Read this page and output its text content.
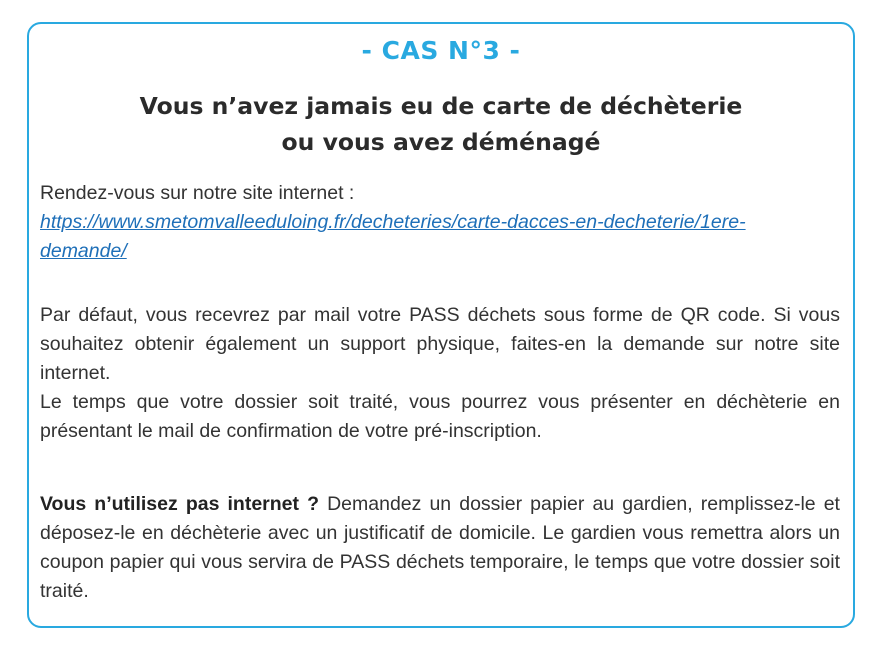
- CAS N°3 -
Vous n’avez jamais eu de carte de déchèterie
ou vous avez déménagé

Rendez-vous sur notre site internet :

https://www.smetomvalleeduloing.fr/decheteries/carte-dacces-en-decheterie/1ere-
demande/

Par défaut, vous recevrez par mail votre PASS déchets sous forme de QR code. Si vous souhaitez obtenir également un support physique, faites-en la demande sur notre site internet.

Le temps que votre dossier soit traité, vous pourrez vous présenter en déchèterie en présentant le mail de confirmation de votre pré-inscription.

Vous n’utilisez pas internet ? Demandez un dossier papier au gardien, remplissez-le et déposez-le en déchèterie avec un justificatif de domicile. Le gardien vous remettra alors un coupon papier qui vous servira de PASS déchets temporaire, le temps que votre dossier soit traité.
